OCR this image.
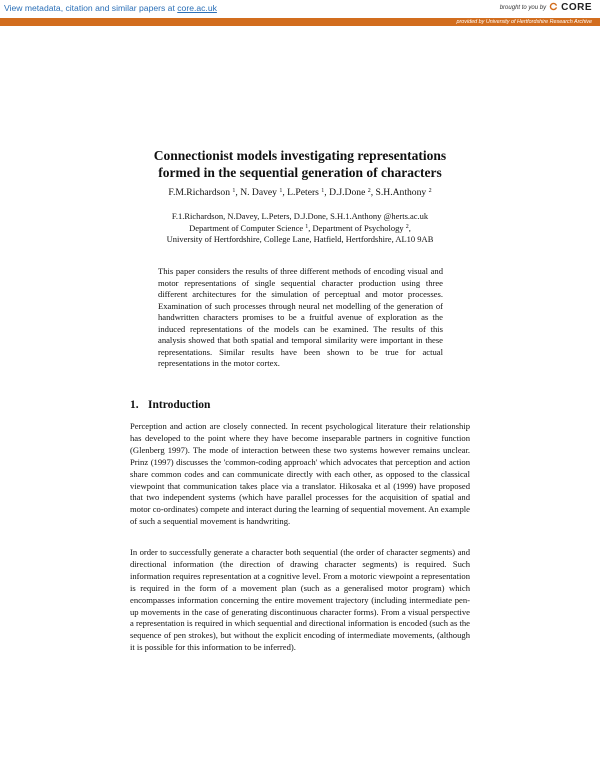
View metadata, citation and similar papers at core.ac.uk	brought to you by CORE
provided by University of Hertfordshire Research Archive
Connectionist models investigating representations
formed in the sequential generation of characters
F.M.Richardson $^1$, N. Davey $^1$, L.Peters $^1$, D.J.Done $^2$, S.H.Anthony $^2$
F.1.Richardson, N.Davey, L.Peters, D.J.Done, S.H.1.Anthony @herts.ac.uk
Department of Computer Science $^1$, Department of Psychology $^2$,
University of Hertfordshire, College Lane, Hatfield, Hertfordshire, AL10 9AB
This paper considers the results of three different methods of encoding visual and motor representations of single sequential character production using three different architectures for the simulation of perceptual and motor processes. Examination of such processes through neural net modelling of the generation of handwritten characters promises to be a fruitful avenue of exploration as the induced representations of the models can be examined. The results of this analysis showed that both spatial and temporal similarity were important in these representations. Similar results have been shown to be true for actual representations in the motor cortex.
1. Introduction
Perception and action are closely connected. In recent psychological literature their relationship has developed to the point where they have become inseparable partners in cognitive function (Glenberg 1997). The mode of interaction between these two systems however remains unclear. Prinz (1997) discusses the 'common-coding approach' which advocates that perception and action share common codes and can communicate directly with each other, as opposed to the classical viewpoint that communication takes place via a translator. Hikosaka et al (1999) have proposed that two independent systems (which have parallel processes for the acquisition of spatial and motor co-ordinates) compete and interact during the learning of sequential movement. An example of such a sequential movement is handwriting.
In order to successfully generate a character both sequential (the order of character segments) and directional information (the direction of drawing character segments) is required. Such information requires representation at a cognitive level. From a motoric viewpoint a representation is required in the form of a movement plan (such as a generalised motor program) which encompasses information concerning the entire movement trajectory (including intermediate pen-up movements in the case of generating discontinuous character forms). From a visual perspective a representation is required in which sequential and directional information is encoded (such as the sequence of pen strokes), but without the explicit encoding of intermediate movements, (although it is possible for this information to be inferred).
